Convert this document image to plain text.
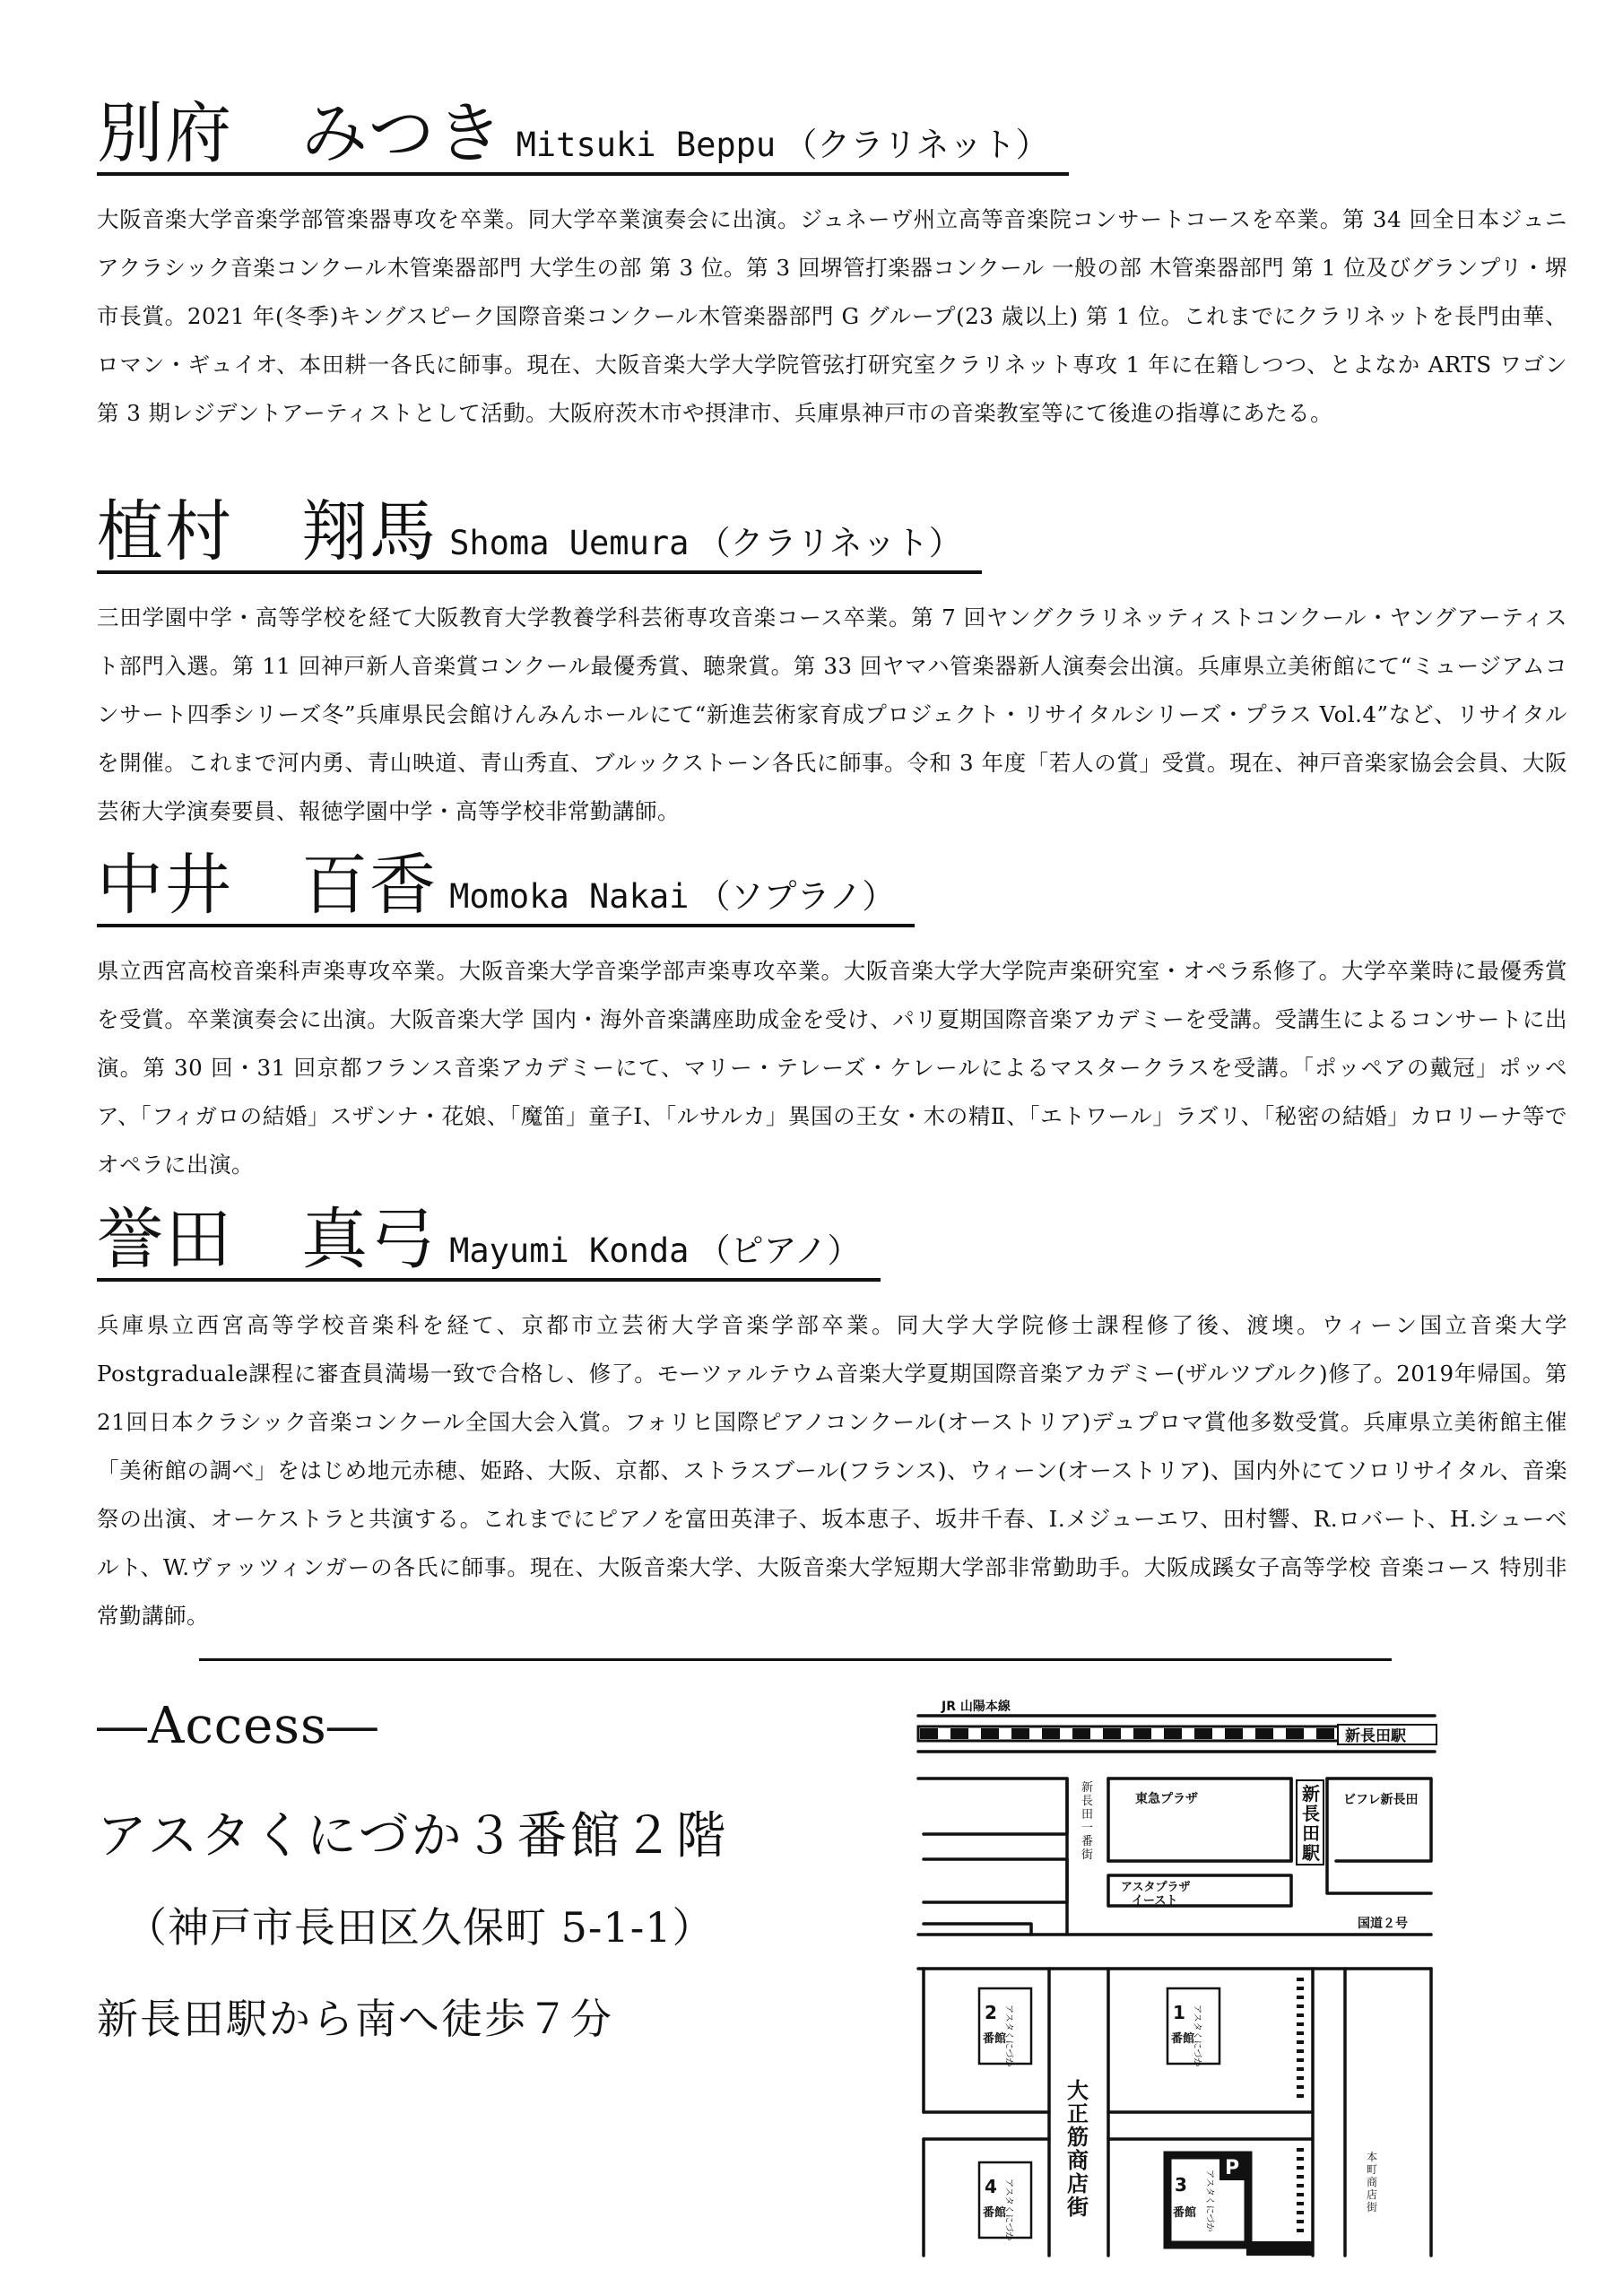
別府　みつき Mitsuki Beppu （クラリネット）

大阪音楽大学音楽学部管楽器専攻を卒業。同大学卒業演奏会に出演。ジュネーヴ州立高等音楽院コンサートコースを卒業。第 34 回全日本ジュニアクラシック音楽コンクール木管楽器部門 大学生の部 第 3 位。第 3 回堺管打楽器コンクール 一般の部 木管楽器部門 第 1 位及びグランプリ・堺市長賞。2021 年(冬季)キングスピーク国際音楽コンクール木管楽器部門 G グループ(23 歳以上) 第 1 位。これまでにクラリネットを長門由華、ロマン・ギュイオ、本田耕一各氏に師事。現在、大阪音楽大学大学院管弦打研究室クラリネット専攻 1 年に在籍しつつ、とよなか ARTS ワゴン第 3 期レジデントアーティストとして活動。大阪府茨木市や摂津市、兵庫県神戸市の音楽教室等にて後進の指導にあたる。

植村　翔馬 Shoma Uemura （クラリネット）

三田学園中学・高等学校を経て大阪教育大学教養学科芸術専攻音楽コース卒業。第 7 回ヤングクラリネッティストコンクール・ヤングアーティスト部門入選。第 11 回神戸新人音楽賞コンクール最優秀賞、聴衆賞。第 33 回ヤマハ管楽器新人演奏会出演。兵庫県立美術館にて“ミュージアムコンサート四季シリーズ冬”兵庫県民会館けんみんホールにて“新進芸術家育成プロジェクト・リサイタルシリーズ・プラス Vol.4”など、リサイタルを開催。これまで河内勇、青山映道、青山秀直、ブルックストーン各氏に師事。令和 3 年度「若人の賞」受賞。現在、神戸音楽家協会会員、大阪芸術大学演奏要員、報徳学園中学・高等学校非常勤講師。

中井　百香 Momoka Nakai （ソプラノ）

県立西宮高校音楽科声楽専攻卒業。大阪音楽大学音楽学部声楽専攻卒業。大阪音楽大学大学院声楽研究室・オペラ系修了。大学卒業時に最優秀賞を受賞。卒業演奏会に出演。大阪音楽大学 国内・海外音楽講座助成金を受け、パリ夏期国際音楽アカデミーを受講。受講生によるコンサートに出演。第 30 回・31 回京都フランス音楽アカデミーにて、マリー・テレーズ・ケレールによるマスタークラスを受講。「ポッペアの戴冠」ポッペア、「フィガロの結婚」スザンナ・花娘、「魔笛」童子Ⅰ、「ルサルカ」異国の王女・木の精Ⅱ、「エトワール」ラズリ、「秘密の結婚」カロリーナ等でオペラに出演。

誉田　真弓 Mayumi Konda （ピアノ）

兵庫県立西宮高等学校音楽科を経て、京都市立芸術大学音楽学部卒業。同大学大学院修士課程修了後、渡墺。ウィーン国立音楽大学Postgraduale課程に審査員満場一致で合格し、修了。モーツァルテウム音楽大学夏期国際音楽アカデミー(ザルツブルク)修了。2019年帰国。第21回日本クラシック音楽コンクール全国大会入賞。フォリヒ国際ピアノコンクール(オーストリア)デュプロマ賞他多数受賞。兵庫県立美術館主催「美術館の調べ」をはじめ地元赤穂、姫路、大阪、京都、ストラスブール(フランス)、ウィーン(オーストリア)、国内外にてソロリサイタル、音楽祭の出演、オーケストラと共演する。これまでにピアノを富田英津子、坂本恵子、坂井千春、I.メジューエワ、田村響、R.ロバート、H.シューベルト、W.ヴァッツィンガーの各氏に師事。現在、大阪音楽大学、大阪音楽大学短期大学部非常勤助手。大阪成蹊女子高等学校 音楽コース 特別非常勤講師。

―Access―
アスタくにづか３番館２階
（神戸市長田区久保町 5-1-1）
新長田駅から南へ徒歩７分
JR 山陽本線
新長田駅
新
長
田
一
番
街
東急プラザ	新
長
田
駅
ビフレ新長田
アスタプラザ
イースト
国道２号
2
番館
アスタくにづか	1
番館
アスタくにづか
4
番館
アスタくにづか	3
番館 アスタくにづか
P
大
正
筋
商
店
街
本
町
商
店
街
